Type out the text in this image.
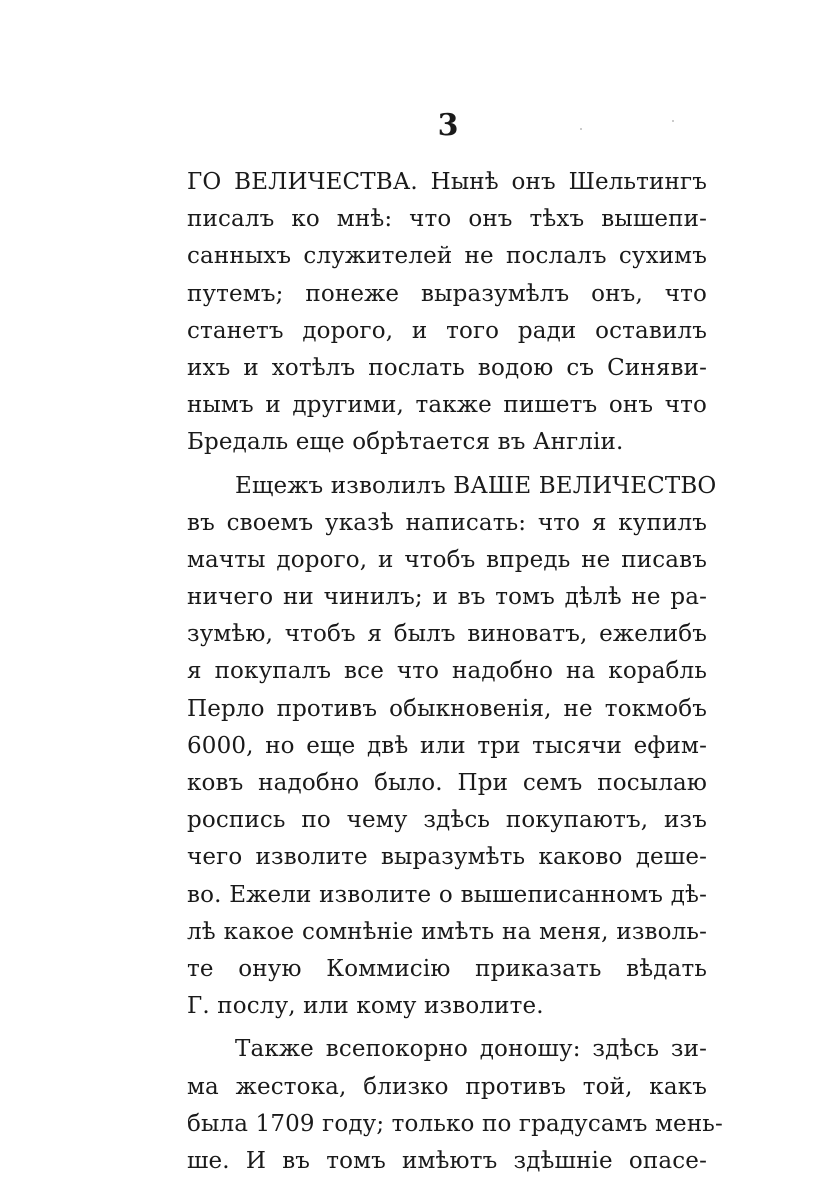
3
ГО ВЕЛИЧЕСТВА. Нынѣ онъ Шельтингъ
писалъ ко мнѣ: что онъ тѣхъ вышепи-
санныхъ служителей не послалъ сухимъ
путемъ; понеже выразумѣлъ онъ, что
станетъ дорого, и того ради оставилъ
ихъ и хотѣлъ послать водою съ Синяви-
нымъ и другими, также пишетъ онъ что
Бредаль еще обрѣтается въ Англіи.
Ещежъ изволилъ ВАШЕ ВЕЛИЧЕСТВО
въ своемъ указѣ написать: что я купилъ
мачты дорого, и чтобъ впредь не писавъ
ничего ни чинилъ; и въ томъ дѣлѣ не ра-
зумѣю, чтобъ я былъ виноватъ, ежелибъ
я покупалъ все что надобно на корабль
Перло противъ обыкновенія, не токмобъ
6000, но еще двѣ или три тысячи ефим-
ковъ надобно было. При семъ посылаю
роспись по чему здѣсь покупаютъ, изъ
чего изволите выразумѣть каково деше-
во. Ежели изволите о вышеписанномъ дѣ-
лѣ какое сомнѣніе имѣть на меня, изволь-
те оную Коммисію приказать вѣдать
Г. послу, или кому изволите.
Также всепокорно доношу: здѣсь зи-
ма жестока, близко противъ той, какъ
была 1709 году; только по градусамъ мень-
ше. И въ томъ имѣютъ здѣшніе опасе-
